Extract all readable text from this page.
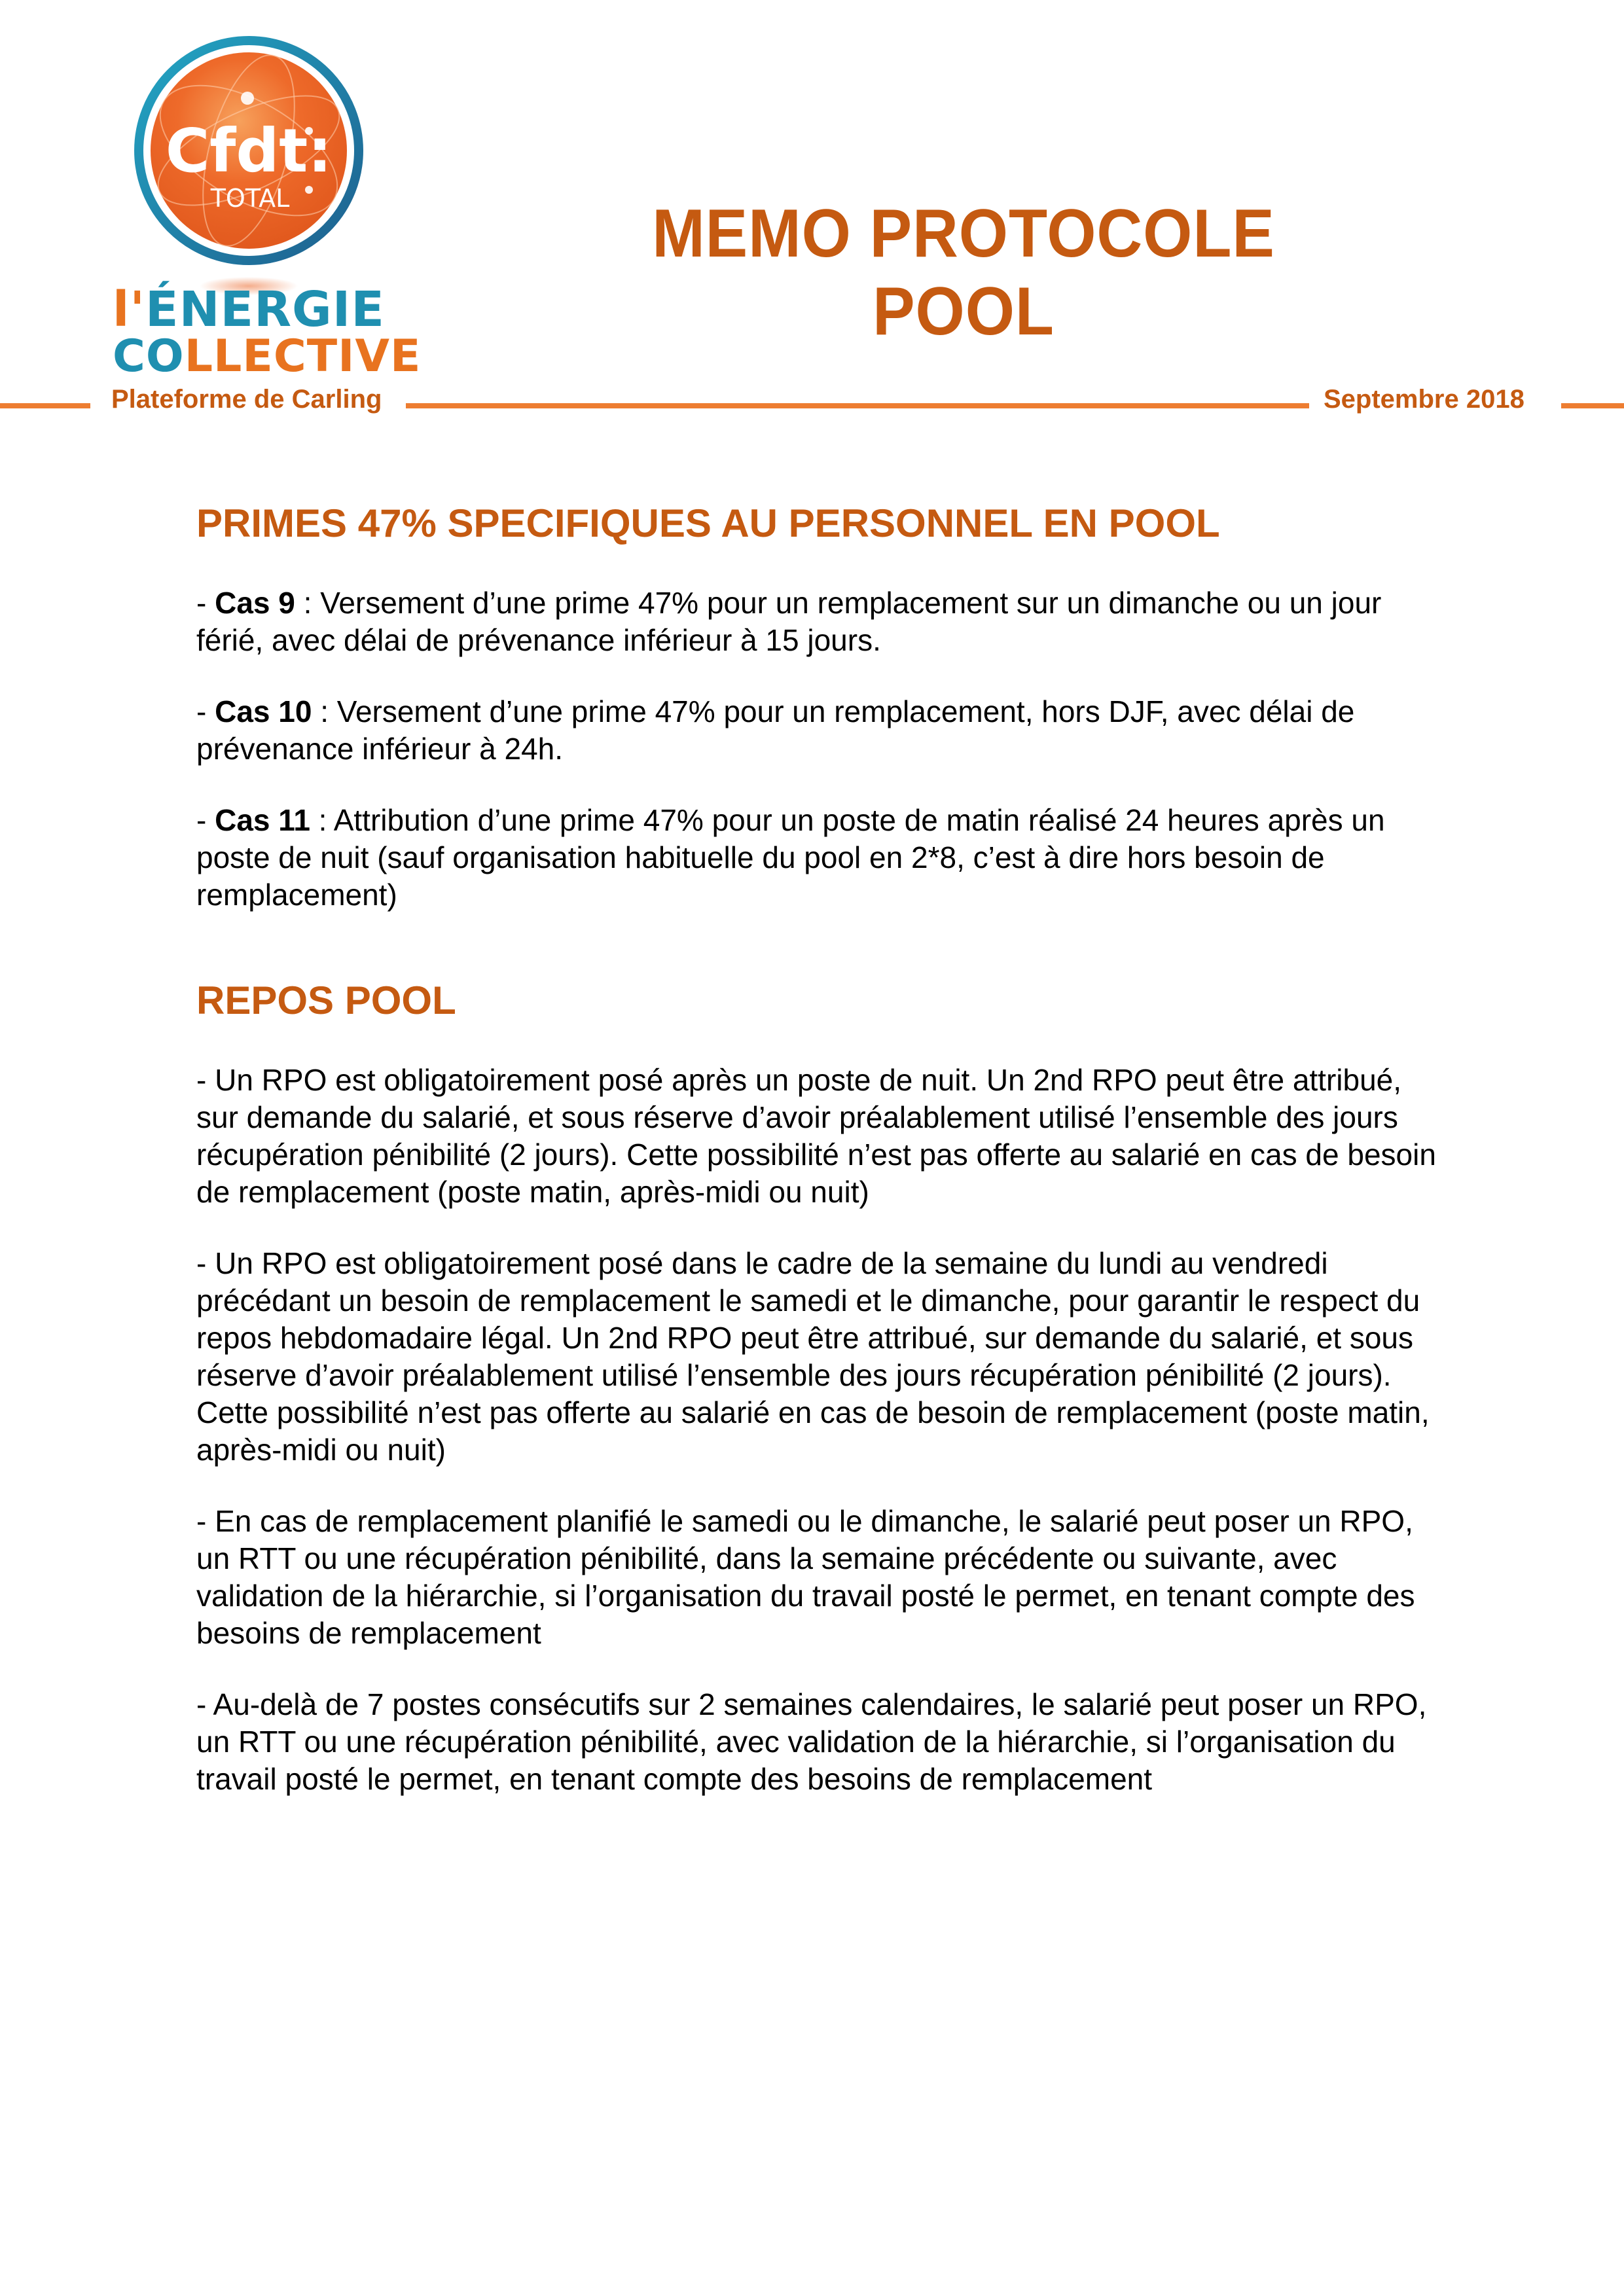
Cfdt:
TOTAL
l'ÉNERGIE
COLLECTIVE
MEMO PROTOCOLE POOL
Plateforme de Carling	Septembre 2018
PRIMES 47% SPECIFIQUES AU PERSONNEL EN POOL

- Cas 9 : Versement d’une prime 47% pour un remplacement sur un dimanche ou un jour férié, avec délai de prévenance inférieur à 15 jours.

- Cas 10 : Versement d’une prime 47% pour un remplacement, hors DJF, avec délai de prévenance inférieur à 24h.

- Cas 11 : Attribution d’une prime 47% pour un poste de matin réalisé 24 heures après un poste de nuit (sauf organisation habituelle du pool en 2*8, c’est à dire hors besoin de remplacement)

REPOS POOL

- Un RPO est obligatoirement posé après un poste de nuit. Un 2nd RPO peut être attribué, sur demande du salarié, et sous réserve d’avoir préalablement utilisé l’ensemble des jours récupération pénibilité (2 jours). Cette possibilité n’est pas offerte au salarié en cas de besoin de remplacement (poste matin, après-midi ou nuit)

- Un RPO est obligatoirement posé dans le cadre de la semaine du lundi au vendredi précédant un besoin de remplacement le samedi et le dimanche, pour garantir le respect du repos hebdomadaire légal. Un 2nd RPO peut être attribué, sur demande du salarié, et sous réserve d’avoir préalablement utilisé l’ensemble des jours récupération pénibilité (2 jours). Cette possibilité n’est pas offerte au salarié en cas de besoin de remplacement (poste matin, après-midi ou nuit)

- En cas de remplacement planifié le samedi ou le dimanche, le salarié peut poser un RPO, un RTT ou une récupération pénibilité, dans la semaine précédente ou suivante, avec validation de la hiérarchie, si l’organisation du travail posté le permet, en tenant compte des besoins de remplacement

- Au-delà de 7 postes consécutifs sur 2 semaines calendaires, le salarié peut poser un RPO, un RTT ou une récupération pénibilité, avec validation de la hiérarchie, si l’organisation du travail posté le permet, en tenant compte des besoins de remplacement
